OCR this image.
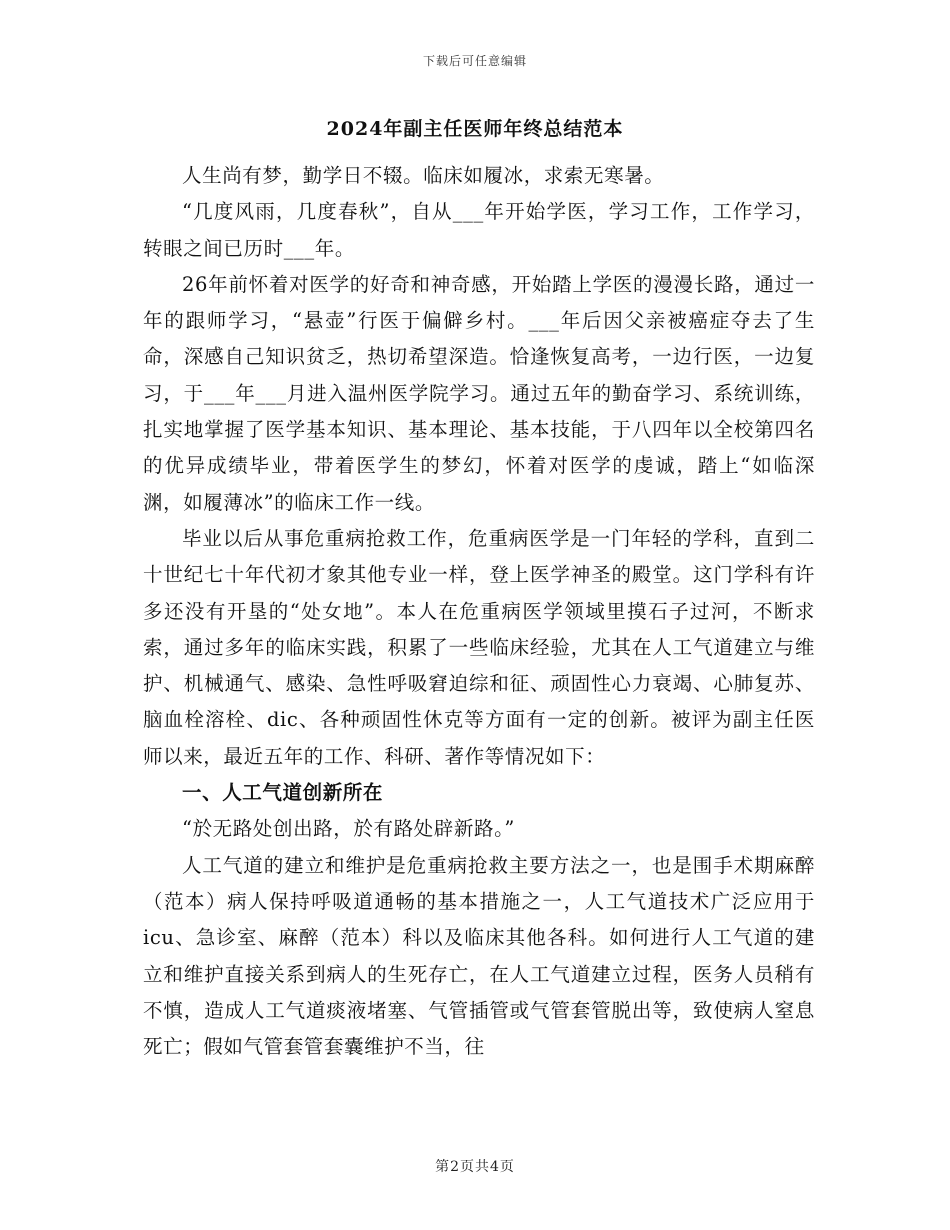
下载后可任意编辑
2024年副主任医师年终总结范本

人生尚有梦，勤学日不辍。临床如履冰，求索无寒暑。

“几度风雨，几度春秋”，自从___年开始学医，学习工作，工作学习，转眼之间已历时___年。

26年前怀着对医学的好奇和神奇感，开始踏上学医的漫漫长路，通过一年的跟师学习，“悬壶”行医于偏僻乡村。___年后因父亲被癌症夺去了生命，深感自己知识贫乏，热切希望深造。恰逢恢复高考，一边行医，一边复习，于___年___月进入温州医学院学习。通过五年的勤奋学习、系统训练，扎实地掌握了医学基本知识、基本理论、基本技能，于八四年以全校第四名的优异成绩毕业，带着医学生的梦幻，怀着对医学的虔诚，踏上“如临深渊，如履薄冰”的临床工作一线。

毕业以后从事危重病抢救工作，危重病医学是一门年轻的学科，直到二十世纪七十年代初才象其他专业一样，登上医学神圣的殿堂。这门学科有许多还没有开垦的“处女地”。本人在危重病医学领域里摸石子过河，不断求索，通过多年的临床实践，积累了一些临床经验，尤其在人工气道建立与维护、机械通气、感染、急性呼吸窘迫综和征、顽固性心力衰竭、心肺复苏、脑血栓溶栓、dic、各种顽固性休克等方面有一定的创新。被评为副主任医师以来，最近五年的工作、科研、著作等情况如下：

一、人工气道创新所在

“於无路处创出路，於有路处辟新路。”

人工气道的建立和维护是危重病抢救主要方法之一，也是围手术期麻醉（范本）病人保持呼吸道通畅的基本措施之一，人工气道技术广泛应用于icu、急诊室、麻醉（范本）科以及临床其他各科。如何进行人工气道的建立和维护直接关系到病人的生死存亡，在人工气道建立过程，医务人员稍有不慎，造成人工气道痰液堵塞、气管插管或气管套管脱出等，致使病人窒息死亡；假如气管套管套囊维护不当，往

第2页共4页
